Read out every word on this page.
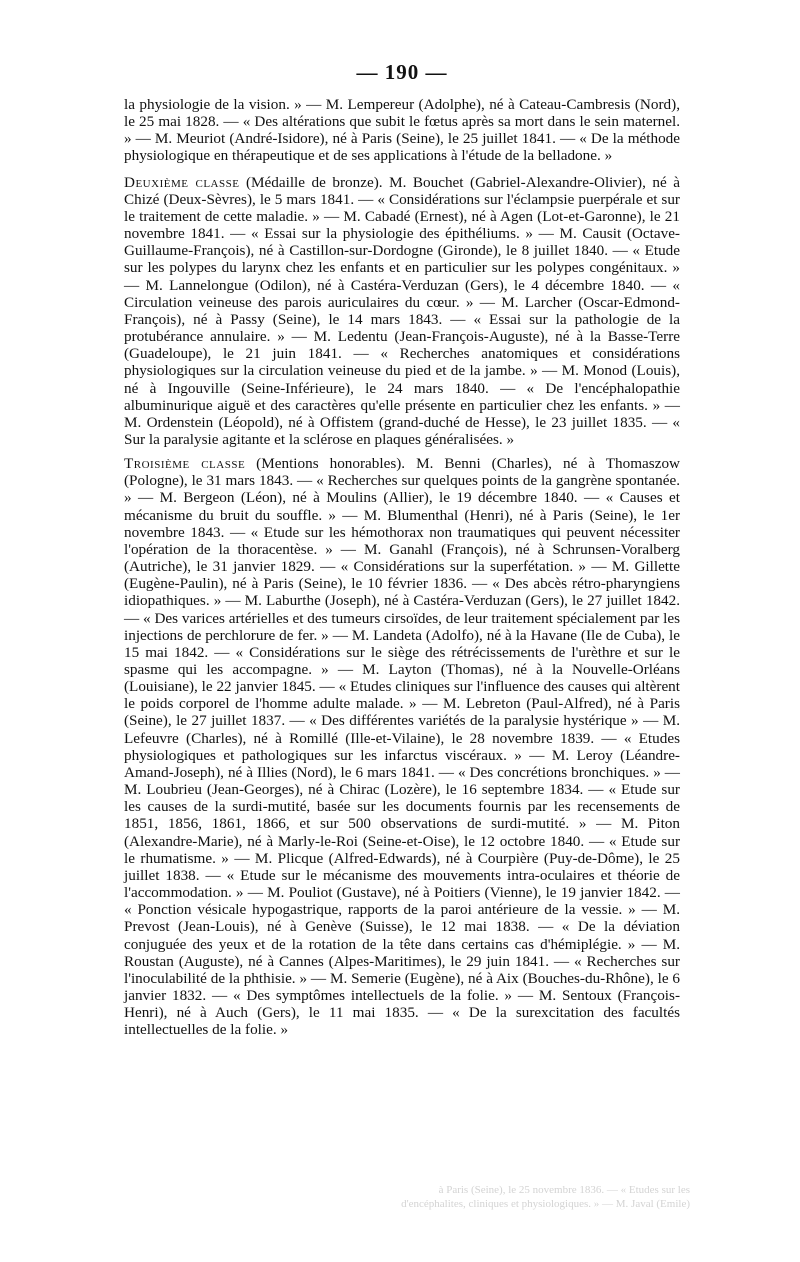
— 190 —

la physiologie de la vision. » — M. Lempereur (Adolphe), né à Cateau-Cambresis (Nord), le 25 mai 1828. — « Des altérations que subit le fœtus après sa mort dans le sein maternel. » — M. Meuriot (André-Isidore), né à Paris (Seine), le 25 juillet 1841. — « De la méthode physiologique en thérapeutique et de ses applications à l'étude de la belladone. »

Deuxième classe (Médaille de bronze). M. Bouchet (Gabriel-Alexandre-Olivier), né à Chizé (Deux-Sèvres), le 5 mars 1841. — « Considérations sur l'éclampsie puerpérale et sur le traitement de cette maladie. » — M. Cabadé (Ernest), né à Agen (Lot-et-Garonne), le 21 novembre 1841. — « Essai sur la physiologie des épithéliums. » — M. Causit (Octave-Guillaume-François), né à Castillon-sur-Dordogne (Gironde), le 8 juillet 1840. — « Etude sur les polypes du larynx chez les enfants et en particulier sur les polypes congénitaux. » — M. Lannelongue (Odilon), né à Castéra-Verduzan (Gers), le 4 décembre 1840. — « Circulation veineuse des parois auriculaires du cœur. » — M. Larcher (Oscar-Edmond-François), né à Passy (Seine), le 14 mars 1843. — « Essai sur la pathologie de la protubérance annulaire. » — M. Ledentu (Jean-François-Auguste), né à la Basse-Terre (Guadeloupe), le 21 juin 1841. — « Recherches anatomiques et considérations physiologiques sur la circulation veineuse du pied et de la jambe. » — M. Monod (Louis), né à Ingouville (Seine-Inférieure), le 24 mars 1840. — « De l'encéphalopathie albuminurique aiguë et des caractères qu'elle présente en particulier chez les enfants. » — M. Ordenstein (Léopold), né à Offistem (grand-duché de Hesse), le 23 juillet 1835. — « Sur la paralysie agitante et la sclérose en plaques généralisées. »

Troisième classe (Mentions honorables). M. Benni (Charles), né à Thomaszow (Pologne), le 31 mars 1843. — « Recherches sur quelques points de la gangrène spontanée. » — M. Bergeon (Léon), né à Moulins (Allier), le 19 décembre 1840. — « Causes et mécanisme du bruit du souffle. » — M. Blumenthal (Henri), né à Paris (Seine), le 1er novembre 1843. — « Etude sur les hémothorax non traumatiques qui peuvent nécessiter l'opération de la thoracentèse. » — M. Ganahl (François), né à Schrunsen-Voralberg (Autriche), le 31 janvier 1829. — « Considérations sur la superfétation. » — M. Gillette (Eugène-Paulin), né à Paris (Seine), le 10 février 1836. — « Des abcès rétro-pharyngiens idiopathiques. » — M. Laburthe (Joseph), né à Castéra-Verduzan (Gers), le 27 juillet 1842. — « Des varices artérielles et des tumeurs cirsoïdes, de leur traitement spécialement par les injections de perchlorure de fer. » — M. Landeta (Adolfo), né à la Havane (Ile de Cuba), le 15 mai 1842. — « Considérations sur le siège des rétrécissements de l'urèthre et sur le spasme qui les accompagne. » — M. Layton (Thomas), né à la Nouvelle-Orléans (Louisiane), le 22 janvier 1845. — « Etudes cliniques sur l'influence des causes qui altèrent le poids corporel de l'homme adulte malade. » — M. Lebreton (Paul-Alfred), né à Paris (Seine), le 27 juillet 1837. — « Des différentes variétés de la paralysie hystérique » — M. Lefeuvre (Charles), né à Romillé (Ille-et-Vilaine), le 28 novembre 1839. — « Etudes physiologiques et pathologiques sur les infarctus viscéraux. » — M. Leroy (Léandre-Amand-Joseph), né à Illies (Nord), le 6 mars 1841. — « Des concrétions bronchiques. » — M. Loubrieu (Jean-Georges), né à Chirac (Lozère), le 16 septembre 1834. — « Etude sur les causes de la surdi-mutité, basée sur les documents fournis par les recensements de 1851, 1856, 1861, 1866, et sur 500 observations de surdi-mutité. » — M. Piton (Alexandre-Marie), né à Marly-le-Roi (Seine-et-Oise), le 12 octobre 1840. — « Etude sur le rhumatisme. » — M. Plicque (Alfred-Edwards), né à Courpière (Puy-de-Dôme), le 25 juillet 1838. — « Etude sur le mécanisme des mouvements intra-oculaires et théorie de l'accommodation. » — M. Pouliot (Gustave), né à Poitiers (Vienne), le 19 janvier 1842. — « Ponction vésicale hypogastrique, rapports de la paroi antérieure de la vessie. » — M. Prevost (Jean-Louis), né à Genève (Suisse), le 12 mai 1838. — « De la déviation conjuguée des yeux et de la rotation de la tête dans certains cas d'hémiplégie. » — M. Roustan (Auguste), né à Cannes (Alpes-Maritimes), le 29 juin 1841. — « Recherches sur l'inoculabilité de la phthisie. » — M. Semerie (Eugène), né à Aix (Bouches-du-Rhône), le 6 janvier 1832. — « Des symptômes intellectuels de la folie. » — M. Sentoux (François-Henri), né à Auch (Gers), le 11 mai 1835. — « De la surexcitation des facultés intellectuelles de la folie. »

à Paris (Seine), le 25 novembre 1836. — « Etudes sur les d'encéphalites, cliniques et physiologiques. » — M. Javal (Emile)
